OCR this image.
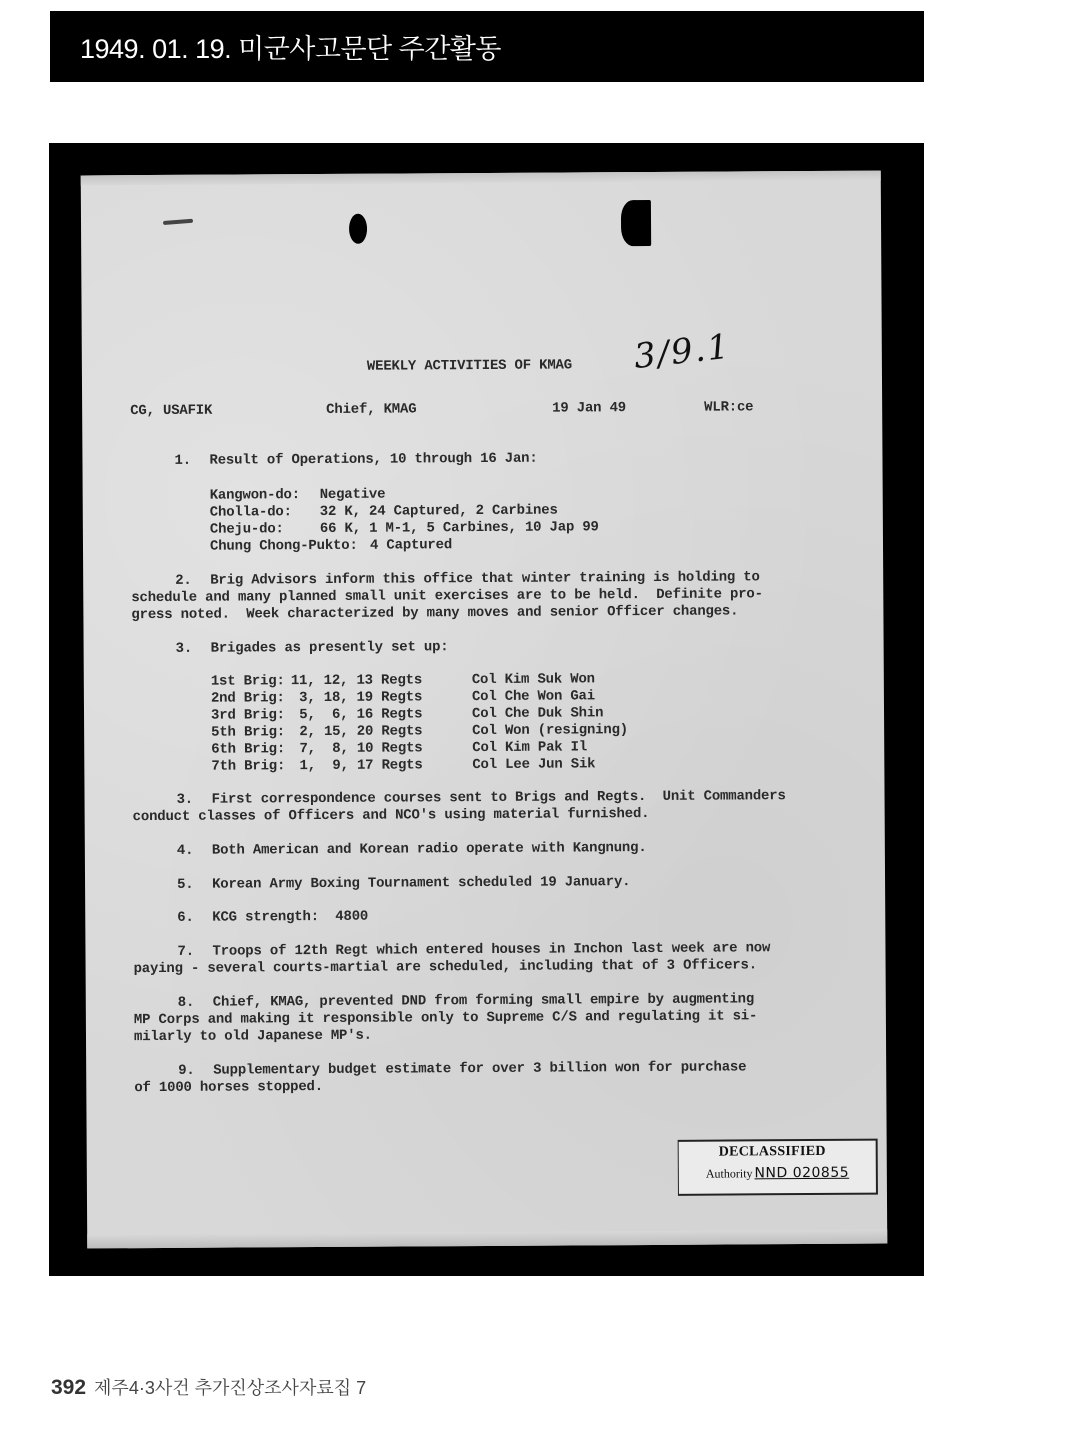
1949. 01. 19. 미군사고문단 주간활동
3/9.1
WEEKLY ACTIVITIES OF KMAG
CG, USAFIK	Chief, KMAG	19 Jan 49	WLR:ce
1. Result of Operations, 10 through 16 Jan:
Kangwon-do: Negative
Cholla-do: 32 K, 24 Captured, 2 Carbines
Cheju-do:	66 K, 1 M-1, 5 Carbines, 10 Jap 99
Chung Chong-Pukto: 4 Captured
2. Brig Advisors inform this office that winter training is holding to
schedule and many planned small unit exercises are to be held.  Definite pro-
gress noted.  Week characterized by many moves and senior Officer changes.
3. Brigades as presently set up:
1st Brig: 11, 12, 13 Regts	Col Kim Suk Won
2nd Brig: 3, 18, 19 Regts	Col Che Won Gai
3rd Brig: 5,  6, 16 Regts	Col Che Duk Shin
5th Brig: 2, 15, 20 Regts	Col Won (resigning)
6th Brig: 7,  8, 10 Regts	Col Kim Pak Il
7th Brig: 1,  9, 17 Regts	Col Lee Jun Sik
3. First correspondence courses sent to Brigs and Regts.  Unit Commanders
conduct classes of Officers and NCO's using material furnished.
4. Both American and Korean radio operate with Kangnung.
5. Korean Army Boxing Tournament scheduled 19 January.
6. KCG strength:  4800
7. Troops of 12th Regt which entered houses in Inchon last week are now
paying - several courts-martial are scheduled, including that of 3 Officers.
8. Chief, KMAG, prevented DND from forming small empire by augmenting
MP Corps and making it responsible only to Supreme C/S and regulating it si-
milarly to old Japanese MP's.
9. Supplementary budget estimate for over 3 billion won for purchase
of 1000 horses stopped.
DECLASSIFIED
Authority NND 020855
392 제주4·3사건 추가진상조사자료집 7
